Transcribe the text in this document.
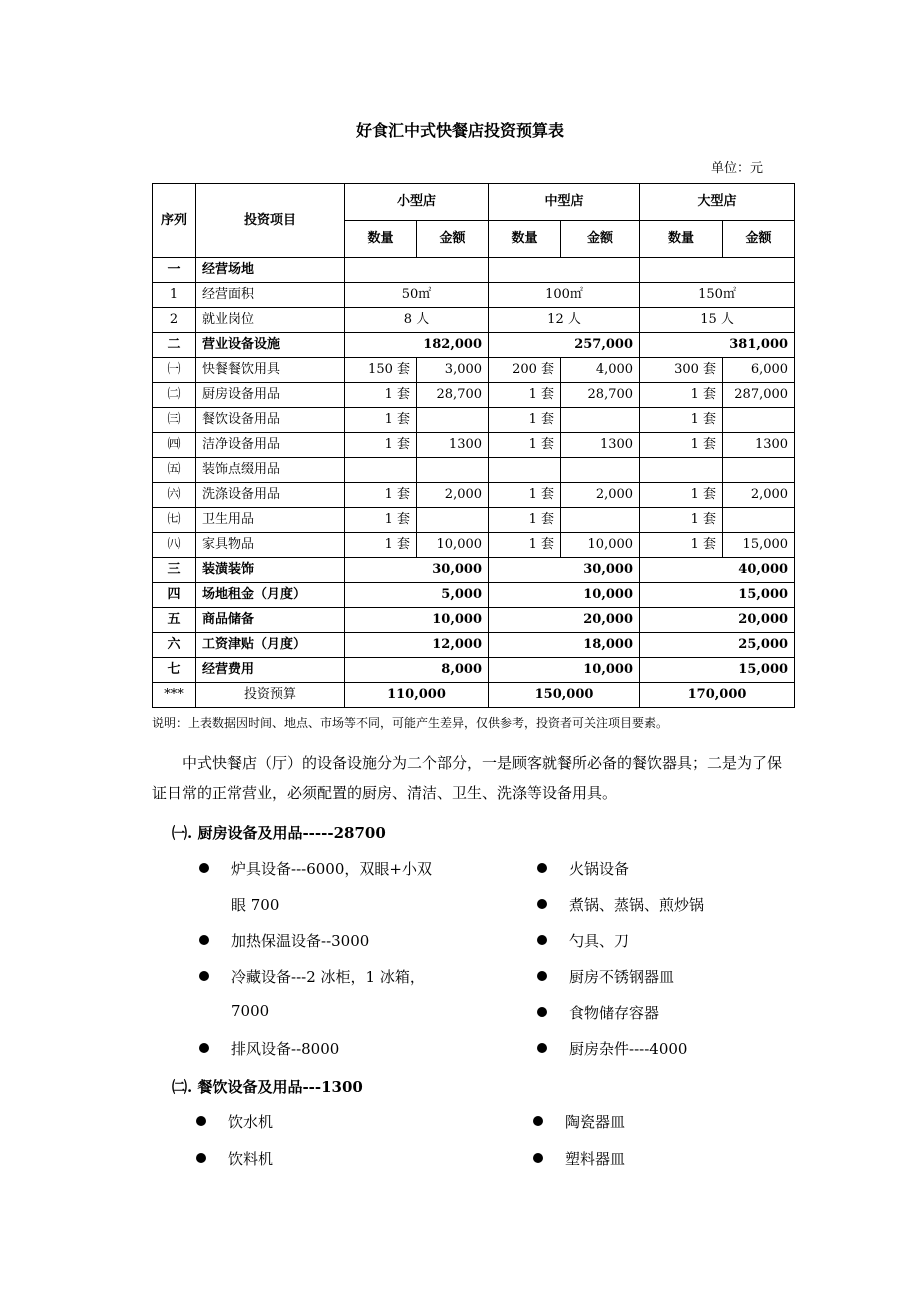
好食汇中式快餐店投资预算表
单位：元
序列	投资项目	小型店		中型店		大型店	
		数量	金额	数量	金额	数量	金额
一	经营场地						
1	经营面积	50㎡		100㎡		150㎡	
2	就业岗位	8 人		12 人		15 人	
二	营业设备设施	182,000		257,000		381,000	
㈠	快餐餐饮用具	150 套	3,000	200 套	4,000	300 套	6,000
㈡	厨房设备用品	1 套	28,700	1 套	28,700	1 套	287,000
㈢	餐饮设备用品	1 套		1 套		1 套	
㈣	洁净设备用品	1 套	1300	1 套	1300	1 套	1300
㈤	装饰点缀用品						
㈥	洗涤设备用品	1 套	2,000	1 套	2,000	1 套	2,000
㈦	卫生用品	1 套		1 套		1 套	
㈧	家具物品	1 套	10,000	1 套	10,000	1 套	15,000
三	装潢装饰	30,000		30,000		40,000	
四	场地租金（月度）	5,000		10,000		15,000	
五	商品储备	10,000		20,000		20,000	
六	工资津贴（月度）	12,000		18,000		25,000	
七	经营费用	8,000		10,000		15,000	
***	投资预算	110,000		150,000		170,000	
说明：上表数据因时间、地点、市场等不同，可能产生差异，仅供参考，投资者可关注项目要素。
中式快餐店（厅）的设备设施分为二个部分，一是顾客就餐所必备的餐饮器具；二是为了保证日常的正常营业，必须配置的厨房、清洁、卫生、洗涤等设备用具。
㈠. 厨房设备及用品-----28700
炉具设备---6000，双眼+小双
眼 700
加热保温设备--3000
冷藏设备---2 冰柜，1 冰箱，
7000
排风设备--8000
火锅设备
煮锅、蒸锅、煎炒锅
勺具、刀
厨房不锈钢器皿
食物储存容器
厨房杂件----4000
㈡. 餐饮设备及用品---1300
饮水机
饮料机
陶瓷器皿
塑料器皿
